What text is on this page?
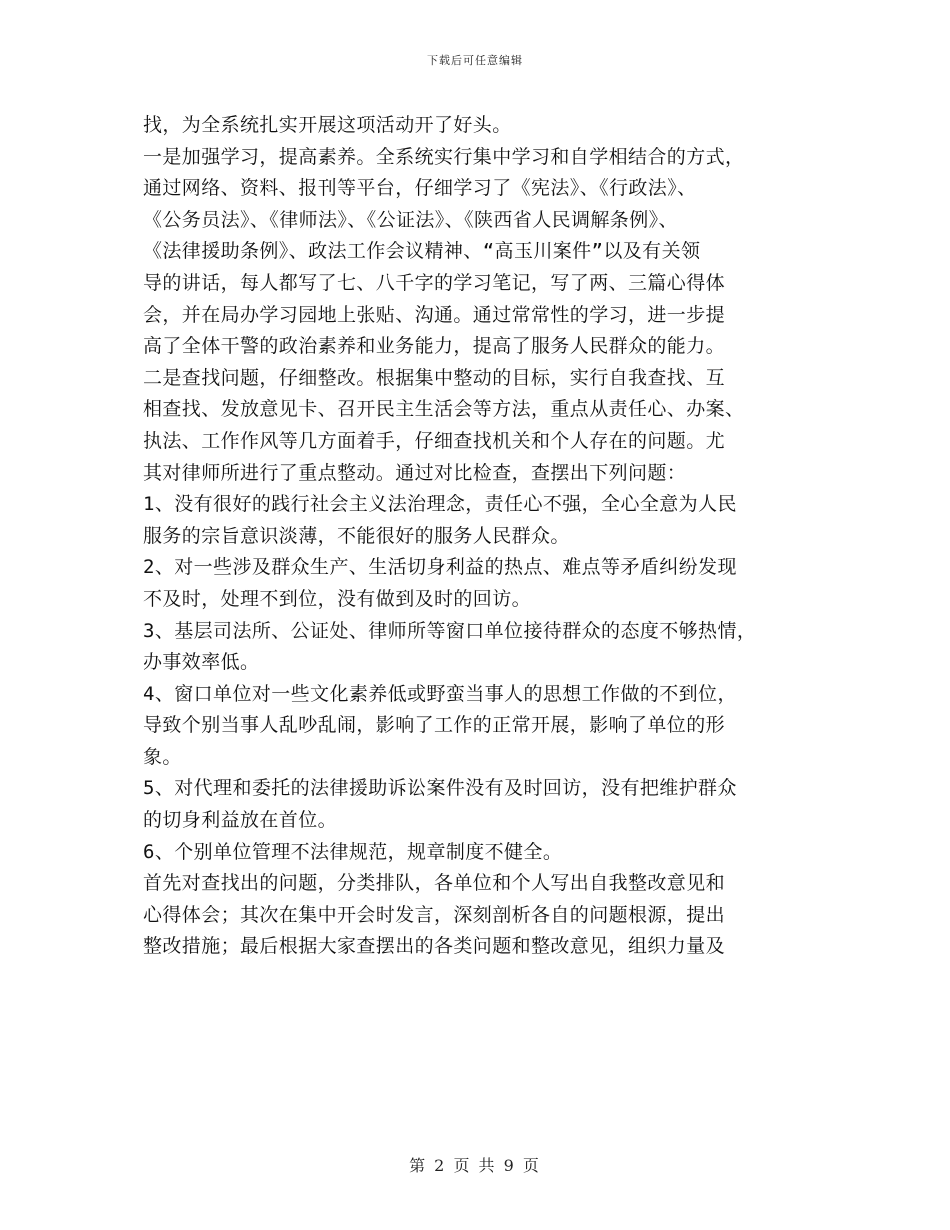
下载后可任意编辑
找，为全系统扎实开展这项活动开了好头。
一是加强学习，提高素养。全系统实行集中学习和自学相结合的方式，
通过网络、资料、报刊等平台，仔细学习了《宪法》、《行政法》、
《公务员法》、《律师法》、《公证法》、《陕西省人民调解条例》、
《法律援助条例》、政法工作会议精神、“高玉川案件”以及有关领
导的讲话，每人都写了七、八千字的学习笔记，写了两、三篇心得体
会，并在局办学习园地上张贴、沟通。通过常常性的学习，进一步提
高了全体干警的政治素养和业务能力，提高了服务人民群众的能力。
二是查找问题，仔细整改。根据集中整动的目标，实行自我查找、互
相查找、发放意见卡、召开民主生活会等方法，重点从责任心、办案、
执法、工作作风等几方面着手，仔细查找机关和个人存在的问题。尤
其对律师所进行了重点整动。通过对比检查，查摆出下列问题：
1、没有很好的践行社会主义法治理念，责任心不强，全心全意为人民
服务的宗旨意识淡薄，不能很好的服务人民群众。
2、对一些涉及群众生产、生活切身利益的热点、难点等矛盾纠纷发现
不及时，处理不到位，没有做到及时的回访。
3、基层司法所、公证处、律师所等窗口单位接待群众的态度不够热情，
办事效率低。
4、窗口单位对一些文化素养低或野蛮当事人的思想工作做的不到位，
导致个别当事人乱吵乱闹，影响了工作的正常开展，影响了单位的形
象。
5、对代理和委托的法律援助诉讼案件没有及时回访，没有把维护群众
的切身利益放在首位。
6、个别单位管理不法律规范，规章制度不健全。
首先对查找出的问题，分类排队，各单位和个人写出自我整改意见和
心得体会；其次在集中开会时发言，深刻剖析各自的问题根源，提出
整改措施；最后根据大家查摆出的各类问题和整改意见，组织力量及
第 2 页 共 9 页
